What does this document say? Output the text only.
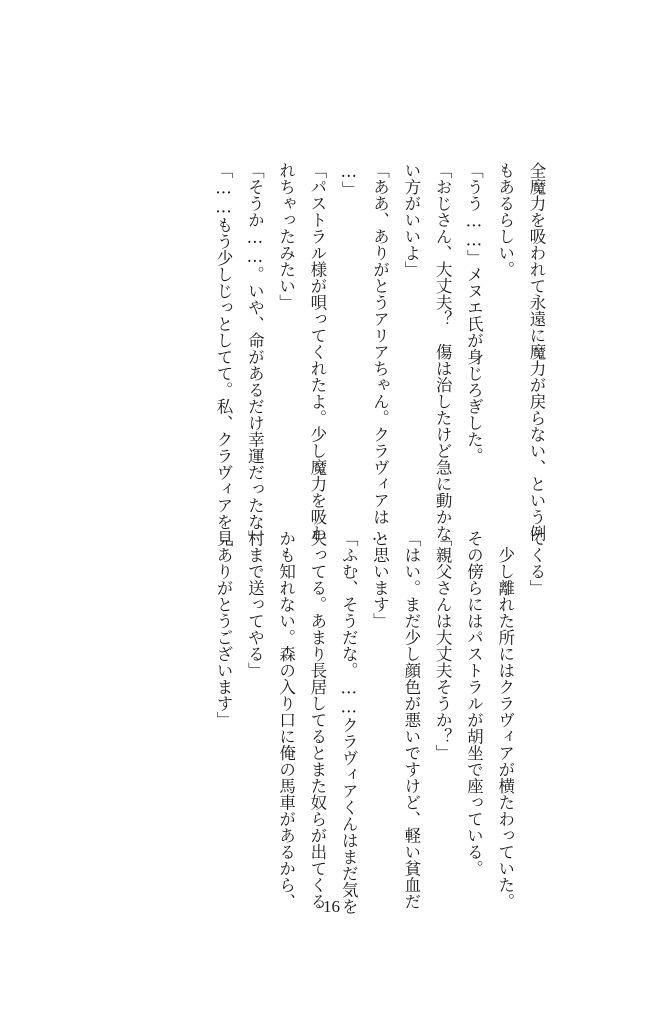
全魔力を吸われて永遠に魔力が戻らない、という例
もあるらしい。
「うう……」メヌエ氏が身じろぎした。
「おじさん、大丈夫？　傷は治したけど急に動かな
い方がいいよ」
「ああ、ありがとうアリアちゃん。クラヴィアは…
…」
「パストラル様が唄ってくれたよ。少し魔力を吸わ
れちゃったみたい」
「そうか……。いや、命があるだけ幸運だったな」
「……もう少しじっとしてて。私、クラヴィアを見
てくる」
　少し離れた所にはクラヴィアが横たわっていた。
その傍らにはパストラルが胡坐で座っている。
「親父さんは大丈夫そうか？」
「はい。まだ少し顔色が悪いですけど、軽い貧血だ
と思います」
「ふむ、そうだな。……クラヴィアくんはまだ気を
失ってる。あまり長居してるとまた奴らが出てくる
かも知れない。森の入り口に俺の馬車があるから、
村まで送ってやる」
「ありがとうございます」
16
